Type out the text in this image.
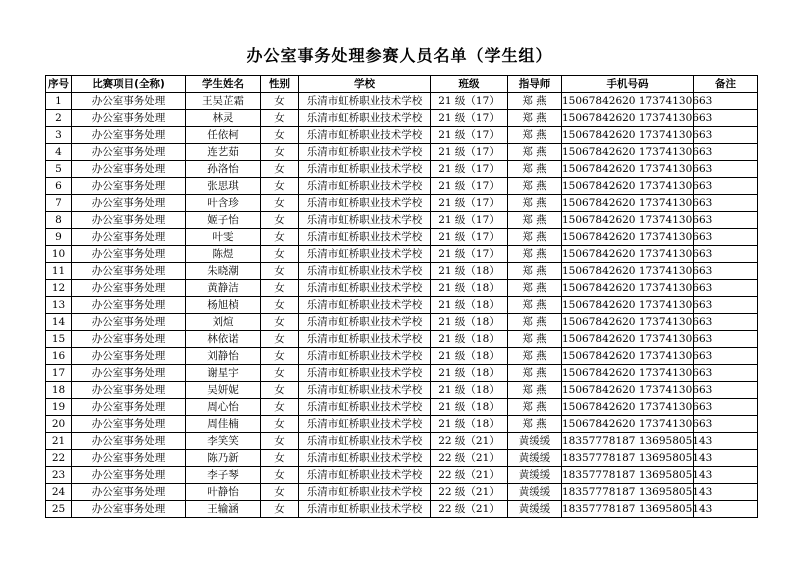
办公室事务处理参赛人员名单（学生组）
序号	比赛项目(全称)	学生姓名	性别	学校	班级	指导师	手机号码	备注
1	办公室事务处理	王吴芷霜	女	乐清市虹桥职业技术学校	21 级（17）	郑 燕	15067842620 17374130663	
2	办公室事务处理	林灵	女	乐清市虹桥职业技术学校	21 级（17）	郑 燕	15067842620 17374130663	
3	办公室事务处理	任依柯	女	乐清市虹桥职业技术学校	21 级（17）	郑 燕	15067842620 17374130663	
4	办公室事务处理	连艺茹	女	乐清市虹桥职业技术学校	21 级（17）	郑 燕	15067842620 17374130663	
5	办公室事务处理	孙洛怡	女	乐清市虹桥职业技术学校	21 级（17）	郑 燕	15067842620 17374130663	
6	办公室事务处理	张思琪	女	乐清市虹桥职业技术学校	21 级（17）	郑 燕	15067842620 17374130663	
7	办公室事务处理	叶含珍	女	乐清市虹桥职业技术学校	21 级（17）	郑 燕	15067842620 17374130663	
8	办公室事务处理	姬子怡	女	乐清市虹桥职业技术学校	21 级（17）	郑 燕	15067842620 17374130663	
9	办公室事务处理	叶雯	女	乐清市虹桥职业技术学校	21 级（17）	郑 燕	15067842620 17374130663	
10	办公室事务处理	陈煜	女	乐清市虹桥职业技术学校	21 级（17）	郑 燕	15067842620 17374130663	
11	办公室事务处理	朱晓潮	女	乐清市虹桥职业技术学校	21 级（18）	郑 燕	15067842620 17374130663	
12	办公室事务处理	黄静洁	女	乐清市虹桥职业技术学校	21 级（18）	郑 燕	15067842620 17374130663	
13	办公室事务处理	杨旭楨	女	乐清市虹桥职业技术学校	21 级（18）	郑 燕	15067842620 17374130663	
14	办公室事务处理	刘煊	女	乐清市虹桥职业技术学校	21 级（18）	郑 燕	15067842620 17374130663	
15	办公室事务处理	林依诺	女	乐清市虹桥职业技术学校	21 级（18）	郑 燕	15067842620 17374130663	
16	办公室事务处理	刘静怡	女	乐清市虹桥职业技术学校	21 级（18）	郑 燕	15067842620 17374130663	
17	办公室事务处理	谢星宇	女	乐清市虹桥职业技术学校	21 级（18）	郑 燕	15067842620 17374130663	
18	办公室事务处理	吴妍妮	女	乐清市虹桥职业技术学校	21 级（18）	郑 燕	15067842620 17374130663	
19	办公室事务处理	周心怡	女	乐清市虹桥职业技术学校	21 级（18）	郑 燕	15067842620 17374130663	
20	办公室事务处理	周佳楠	女	乐清市虹桥职业技术学校	21 级（18）	郑 燕	15067842620 17374130663	
21	办公室事务处理	李笑笑	女	乐清市虹桥职业技术学校	22 级（21）	黄缓缓	18357778187 13695805143	
22	办公室事务处理	陈乃新	女	乐清市虹桥职业技术学校	22 级（21）	黄缓缓	18357778187 13695805143	
23	办公室事务处理	李子琴	女	乐清市虹桥职业技术学校	22 级（21）	黄缓缓	18357778187 13695805143	
24	办公室事务处理	叶静怡	女	乐清市虹桥职业技术学校	22 级（21）	黄缓缓	18357778187 13695805143	
25	办公室事务处理	王输涵	女	乐清市虹桥职业技术学校	22 级（21）	黄缓缓	18357778187 13695805143	
